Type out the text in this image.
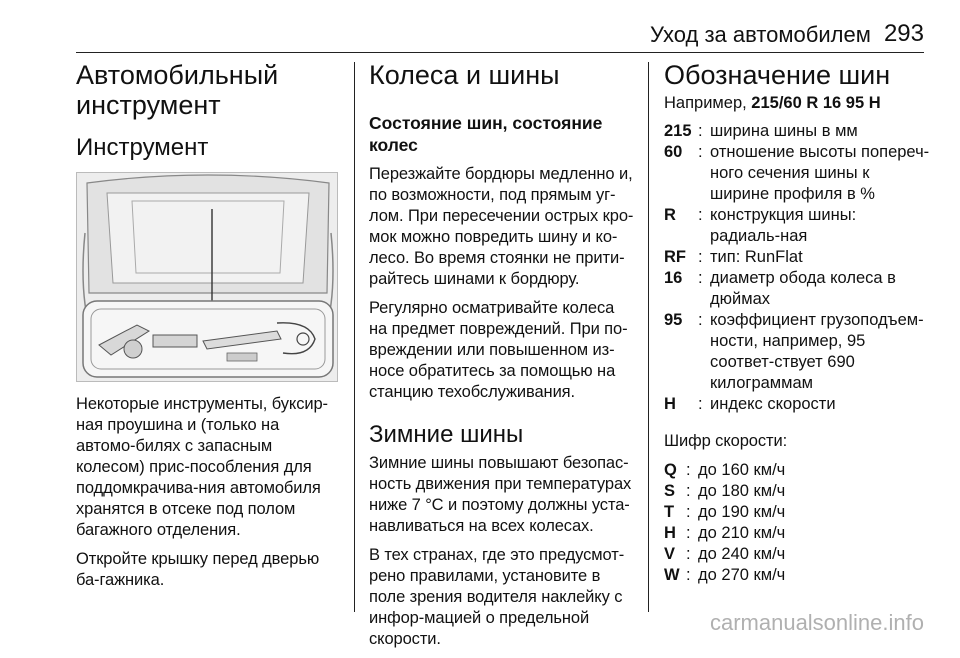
Уход за автомобилем 293
Автомобильный
инструмент
Инструмент

Некоторые инструменты, буксир-ная проушина и (только на автомо-билях с запасным колесом) прис-пособления для поддомкрачива-ния автомобиля хранятся в отсеке под полом багажного отделения.

Откройте крышку перед дверью ба-гажника.

Колеса и шины
Состояние шин, состояние колес

Перезжайте бордюры медленно и, по возможности, под прямым уг-лом. При пересечении острых кро-мок можно повредить шину и ко-лесо. Во время стоянки не прити-райтесь шинами к бордюру.

Регулярно осматривайте колеса на предмет повреждений. При по-вреждении или повышенном из-носе обратитесь за помощью на станцию техобслуживания.

Зимние шины

Зимние шины повышают безопас-ность движения при температурах ниже 7 °С и поэтому должны уста-навливаться на всех колесах.

В тех странах, где это предусмот-рено правилами, установите в поле зрения водителя наклейку с инфор-мацией о предельной скорости.

Обозначение шин
Например, 215/60 R 16 95 H
215 : ширина шины в мм
60 : отношение высоты попереч-ного сечения шины к ширине профиля в %
R	: конструкция шины: радиаль-ная
RF : тип: RunFlat
16 : диаметр обода колеса в дюймах
95 : коэффициент грузоподъем-ности, например, 95 соответ-ствует 690 килограммам
H	: индекс скорости

Шифр скорости:

Q : до 160 км/ч
S : до 180 км/ч
T : до 190 км/ч
H : до 210 км/ч
V : до 240 км/ч
W : до 270 км/ч
carmanualsonline.info
